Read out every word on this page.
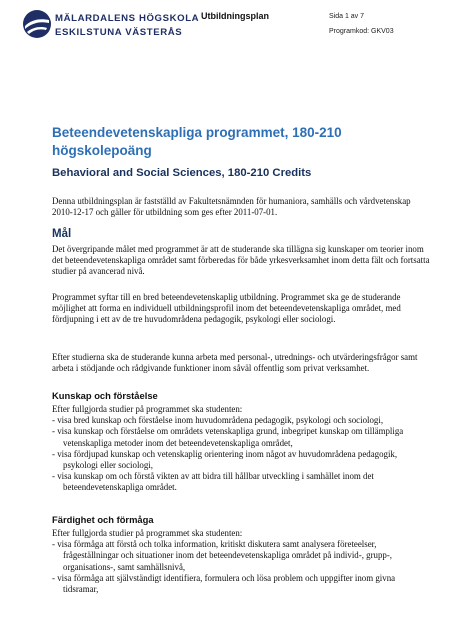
MÄLARDALENS HÖGSKOLA
ESKILSTUNA VÄSTERÅS
Utbildningsplan	Sida 1 av 7
Programkod: GKV03
Beteendevetenskapliga programmet, 180-210 högskolepoäng
Behavioral and Social Sciences, 180-210 Credits

Denna utbildningsplan är fastställd av Fakultetsnämnden för humaniora, samhälls och vårdvetenskap 2010-12-17 och gäller för utbildning som ges efter 2011-07-01.

Mål

Det övergripande målet med programmet är att de studerande ska tillägna sig kunskaper om teorier inom det beteendevetenskapliga området samt förberedas för både yrkesverksamhet inom detta fält och fortsatta studier på avancerad nivå.

Programmet syftar till en bred beteendevetenskaplig utbildning. Programmet ska ge de studerande möjlighet att forma en individuell utbildningsprofil inom det beteendevetenskapliga området, med fördjupning i ett av de tre huvudområdena pedagogik, psykologi eller sociologi.

Efter studierna ska de studerande kunna arbeta med personal-, utrednings- och utvärderingsfrågor samt arbeta i stödjande och rådgivande funktioner inom såväl offentlig som privat verksamhet.

Kunskap och förståelse
Efter fullgjorda studier på programmet ska studenten:
- visa bred kunskap och förståelse inom huvudområdena pedagogik, psykologi och sociologi,
- visa kunskap och förståelse om områdets vetenskapliga grund, inbegripet kunskap om tillämpliga vetenskapliga metoder inom det beteendevetenskapliga området,
- visa fördjupad kunskap och vetenskaplig orientering inom något av huvudområdena pedagogik, psykologi eller sociologi,
- visa kunskap om och förstå vikten av att bidra till hållbar utveckling i samhället inom det beteendevetenskapliga området.
Färdighet och förmåga
Efter fullgjorda studier på programmet ska studenten:
- visa förmåga att förstå och tolka information, kritiskt diskutera samt analysera företeelser, frågeställningar och situationer inom det beteendevetenskapliga området på individ-, grupp-, organisations-, samt samhällsnivå,
- visa förmåga att självständigt identifiera, formulera och lösa problem och uppgifter inom givna tidsramar,
